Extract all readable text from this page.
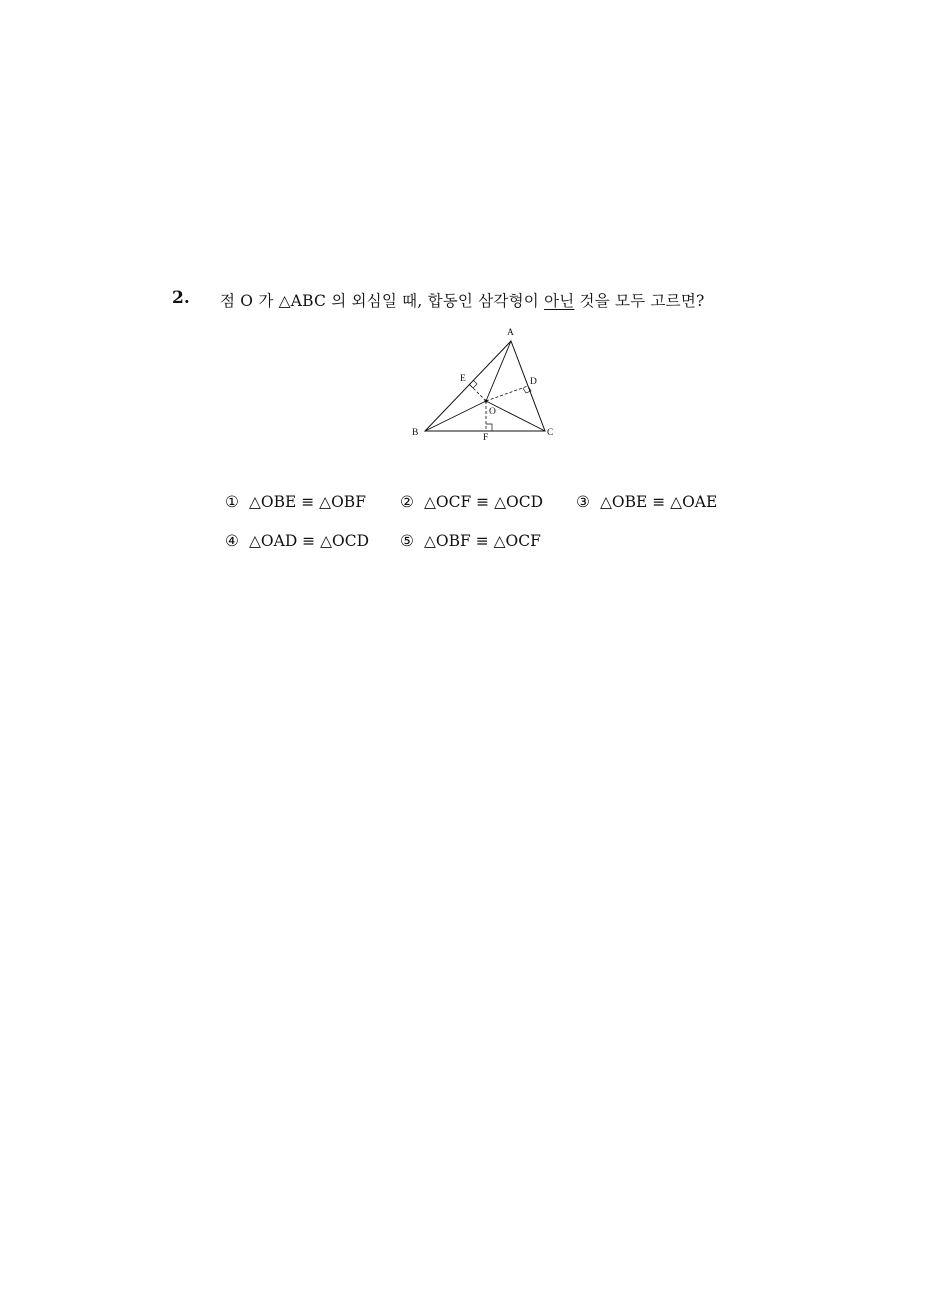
2. 점 O 가 △ABC 의 외심일 때, 합동인 삼각형이 아닌 것을 모두 고르면?
A
B	C
D
E
F
O
① △OBE ≡ △OBF ② △OCF ≡ △OCD ③ △OBE ≡ △OAE
④ △OAD ≡ △OCD ⑤ △OBF ≡ △OCF
